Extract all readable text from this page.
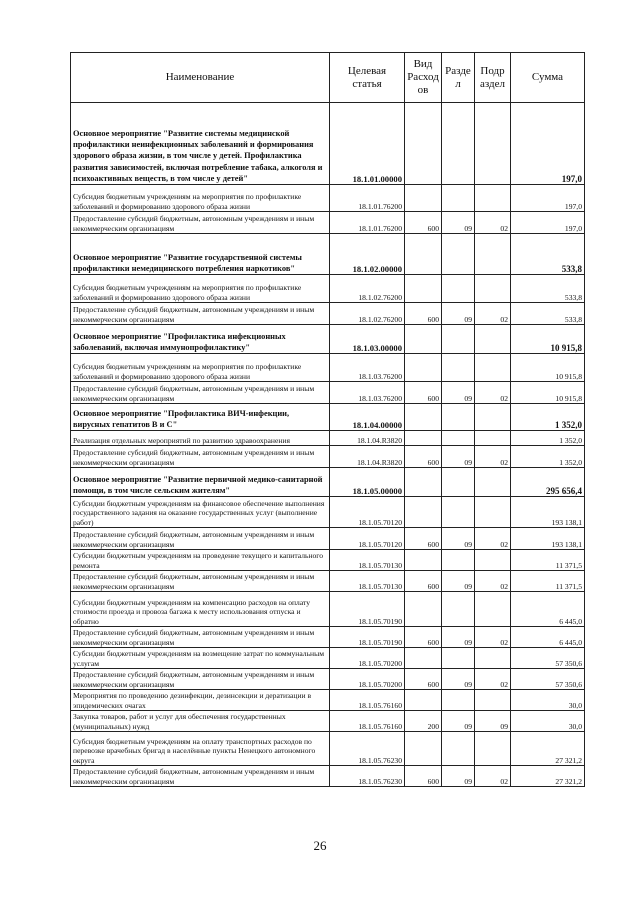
Наименование	Целевая статья	Вид Расход ов	Разде л	Подр аздел	Сумма
Основное мероприятие "Развитие системы медицинской профилактики неинфекционных заболеваний и формирования здорового образа жизни, в том числе у детей. Профилактика развития зависимостей, включая потребление табака, алкоголя и психоактивных веществ, в том числе у детей"	18.1.01.00000				197,0
Субсидия бюджетным учреждениям на мероприятия по профилактике заболеваний и формированию здорового образа жизни	18.1.01.76200				197,0
Предоставление субсидий бюджетным, автономным учреждениям и иным некоммерческим организациям	18.1.01.76200	600	09	02	197,0
Основное мероприятие "Развитие государственной системы профилактики немедицинского потребления наркотиков"	18.1.02.00000				533,8
Субсидия бюджетным учреждениям на мероприятия по профилактике заболеваний и формированию здорового образа жизни	18.1.02.76200				533,8
Предоставление субсидий бюджетным, автономным учреждениям и иным некоммерческим организациям	18.1.02.76200	600	09	02	533,8
Основное мероприятие "Профилактика инфекционных заболеваний, включая иммунопрофилактику"	18.1.03.00000				10 915,8
Субсидия бюджетным учреждениям на мероприятия по профилактике заболеваний и формированию здорового образа жизни	18.1.03.76200				10 915,8
Предоставление субсидий бюджетным, автономным учреждениям и иным некоммерческим организациям	18.1.03.76200	600	09	02	10 915,8
Основное мероприятие "Профилактика ВИЧ-инфекции, вирусных гепатитов В и С"	18.1.04.00000				1 352,0
Реализация отдельных мероприятий по развитию здравоохранения	18.1.04.R3820				1 352,0
Предоставление субсидий бюджетным, автономным учреждениям и иным некоммерческим организациям	18.1.04.R3820	600	09	02	1 352,0
Основное мероприятие "Развитие первичной медико-санитарной помощи, в том числе сельским жителям"	18.1.05.00000				295 656,4
Субсидии бюджетным учреждениям на финансовое обеспечение выполнения государственного задания на оказание государственных услуг (выполнение работ)	18.1.05.70120				193 138,1
Предоставление субсидий бюджетным, автономным учреждениям и иным некоммерческим организациям	18.1.05.70120	600	09	02	193 138,1
Субсидии бюджетным учреждениям на проведение текущего и капитального ремонта	18.1.05.70130				11 371,5
Предоставление субсидий бюджетным, автономным учреждениям и иным некоммерческим организациям	18.1.05.70130	600	09	02	11 371,5
Субсидии бюджетным учреждениям на компенсацию расходов на оплату стоимости проезда и провоза багажа к месту использования отпуска и обратно	18.1.05.70190				6 445,0
Предоставление субсидий бюджетным, автономным учреждениям и иным некоммерческим организациям	18.1.05.70190	600	09	02	6 445,0
Субсидии бюджетным учреждениям на возмещение затрат по коммунальным услугам	18.1.05.70200				57 350,6
Предоставление субсидий бюджетным, автономным учреждениям и иным некоммерческим организациям	18.1.05.70200	600	09	02	57 350,6
Мероприятия по проведению дезинфекции, дезинсекции и дератизации в эпидемических очагах	18.1.05.76160				30,0
Закупка товаров, работ и услуг для обеспечения государственных (муниципальных) нужд	18.1.05.76160	200	09	09	30,0
Субсидия бюджетным учреждениям на оплату транспортных расходов по перевозке врачебных бригад в населённые пункты Ненецкого автономного округа	18.1.05.76230				27 321,2
Предоставление субсидий бюджетным, автономным учреждениям и иным некоммерческим организациям	18.1.05.76230	600	09	02	27 321,2
26
